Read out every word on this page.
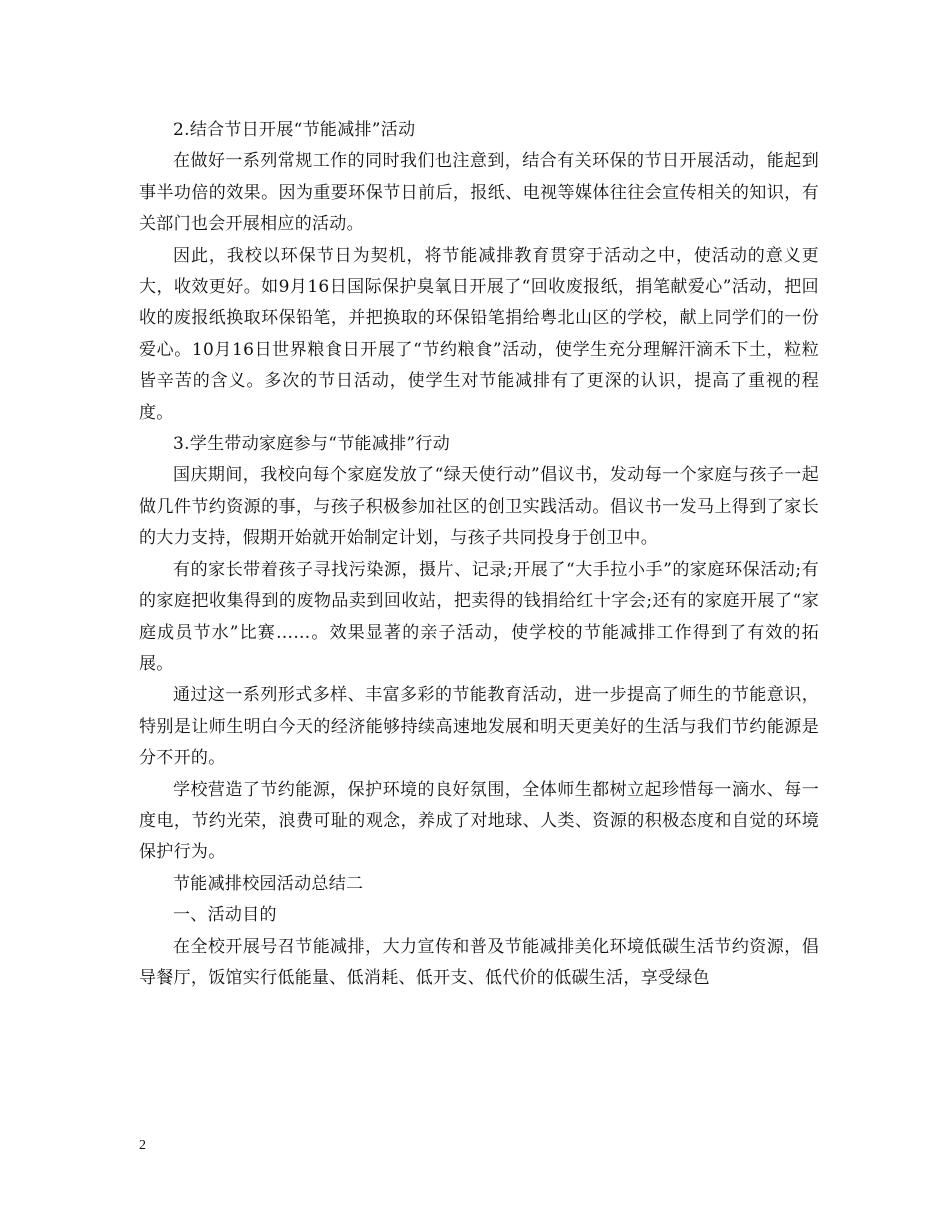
2.结合节日开展“节能减排”活动

在做好一系列常规工作的同时我们也注意到，结合有关环保的节日开展活动，能起到事半功倍的效果。因为重要环保节日前后，报纸、电视等媒体往往会宣传相关的知识，有关部门也会开展相应的活动。

因此，我校以环保节日为契机，将节能减排教育贯穿于活动之中，使活动的意义更大，收效更好。如9月16日国际保护臭氧日开展了“回收废报纸，捐笔献爱心”活动，把回收的废报纸换取环保铅笔，并把换取的环保铅笔捐给粤北山区的学校，献上同学们的一份爱心。10月16日世界粮食日开展了“节约粮食”活动，使学生充分理解汗滴禾下土，粒粒皆辛苦的含义。多次的节日活动，使学生对节能减排有了更深的认识，提高了重视的程度。

3.学生带动家庭参与“节能减排”行动

国庆期间，我校向每个家庭发放了“绿天使行动”倡议书，发动每一个家庭与孩子一起做几件节约资源的事，与孩子积极参加社区的创卫实践活动。倡议书一发马上得到了家长的大力支持，假期开始就开始制定计划，与孩子共同投身于创卫中。

有的家长带着孩子寻找污染源，摄片、记录;开展了“大手拉小手”的家庭环保活动;有的家庭把收集得到的废物品卖到回收站，把卖得的钱捐给红十字会;还有的家庭开展了“家庭成员节水”比赛……。效果显著的亲子活动，使学校的节能减排工作得到了有效的拓展。

通过这一系列形式多样、丰富多彩的节能教育活动，进一步提高了师生的节能意识，特别是让师生明白今天的经济能够持续高速地发展和明天更美好的生活与我们节约能源是分不开的。

学校营造了节约能源，保护环境的良好氛围，全体师生都树立起珍惜每一滴水、每一度电，节约光荣，浪费可耻的观念，养成了对地球、人类、资源的积极态度和自觉的环境保护行为。

节能减排校园活动总结二

一、活动目的

在全校开展号召节能减排，大力宣传和普及节能减排美化环境低碳生活节约资源，倡导餐厅，饭馆实行低能量、低消耗、低开支、低代价的低碳生活，享受绿色

2
